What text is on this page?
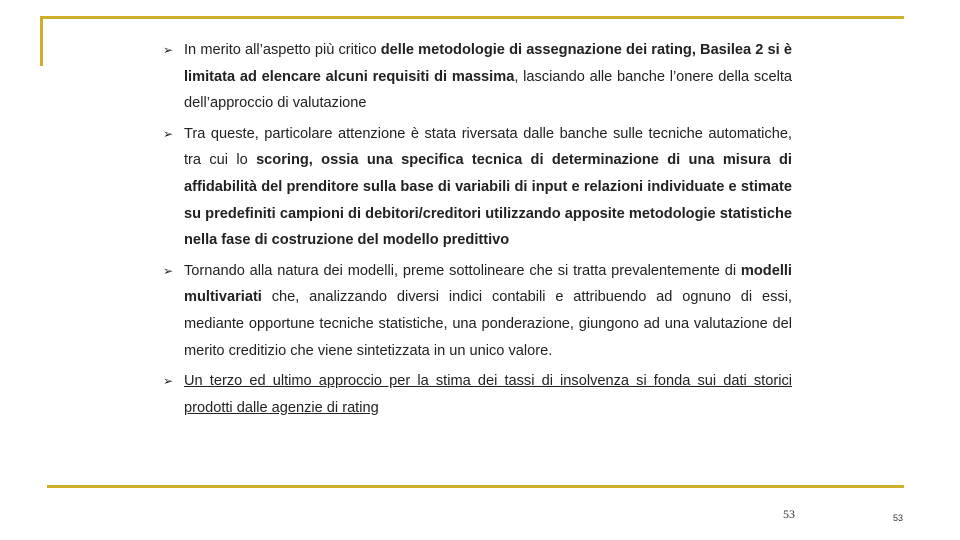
➢ In merito all’aspetto più critico delle metodologie di assegnazione dei rating, Basilea 2 si è limitata ad elencare alcuni requisiti di massima, lasciando alle banche l’onere della scelta dell’approccio di valutazione
➢ Tra queste, particolare attenzione è stata riversata dalle banche sulle tecniche automatiche, tra cui lo scoring, ossia una specifica tecnica di determinazione di una misura di affidabilità del prenditore sulla base di variabili di input e relazioni individuate e stimate su predefiniti campioni di debitori/creditori utilizzando apposite metodologie statistiche nella fase di costruzione del modello predittivo
➢ Tornando alla natura dei modelli, preme sottolineare che si tratta prevalentemente di modelli multivariati che, analizzando diversi indici contabili e attribuendo ad ognuno di essi, mediante opportune tecniche statistiche, una ponderazione, giungono ad una valutazione del merito creditizio che viene sintetizzata in un unico valore.
➢ Un terzo ed ultimo approccio per la stima dei tassi di insolvenza si fonda sui dati storici prodotti dalle agenzie di rating
53	53
